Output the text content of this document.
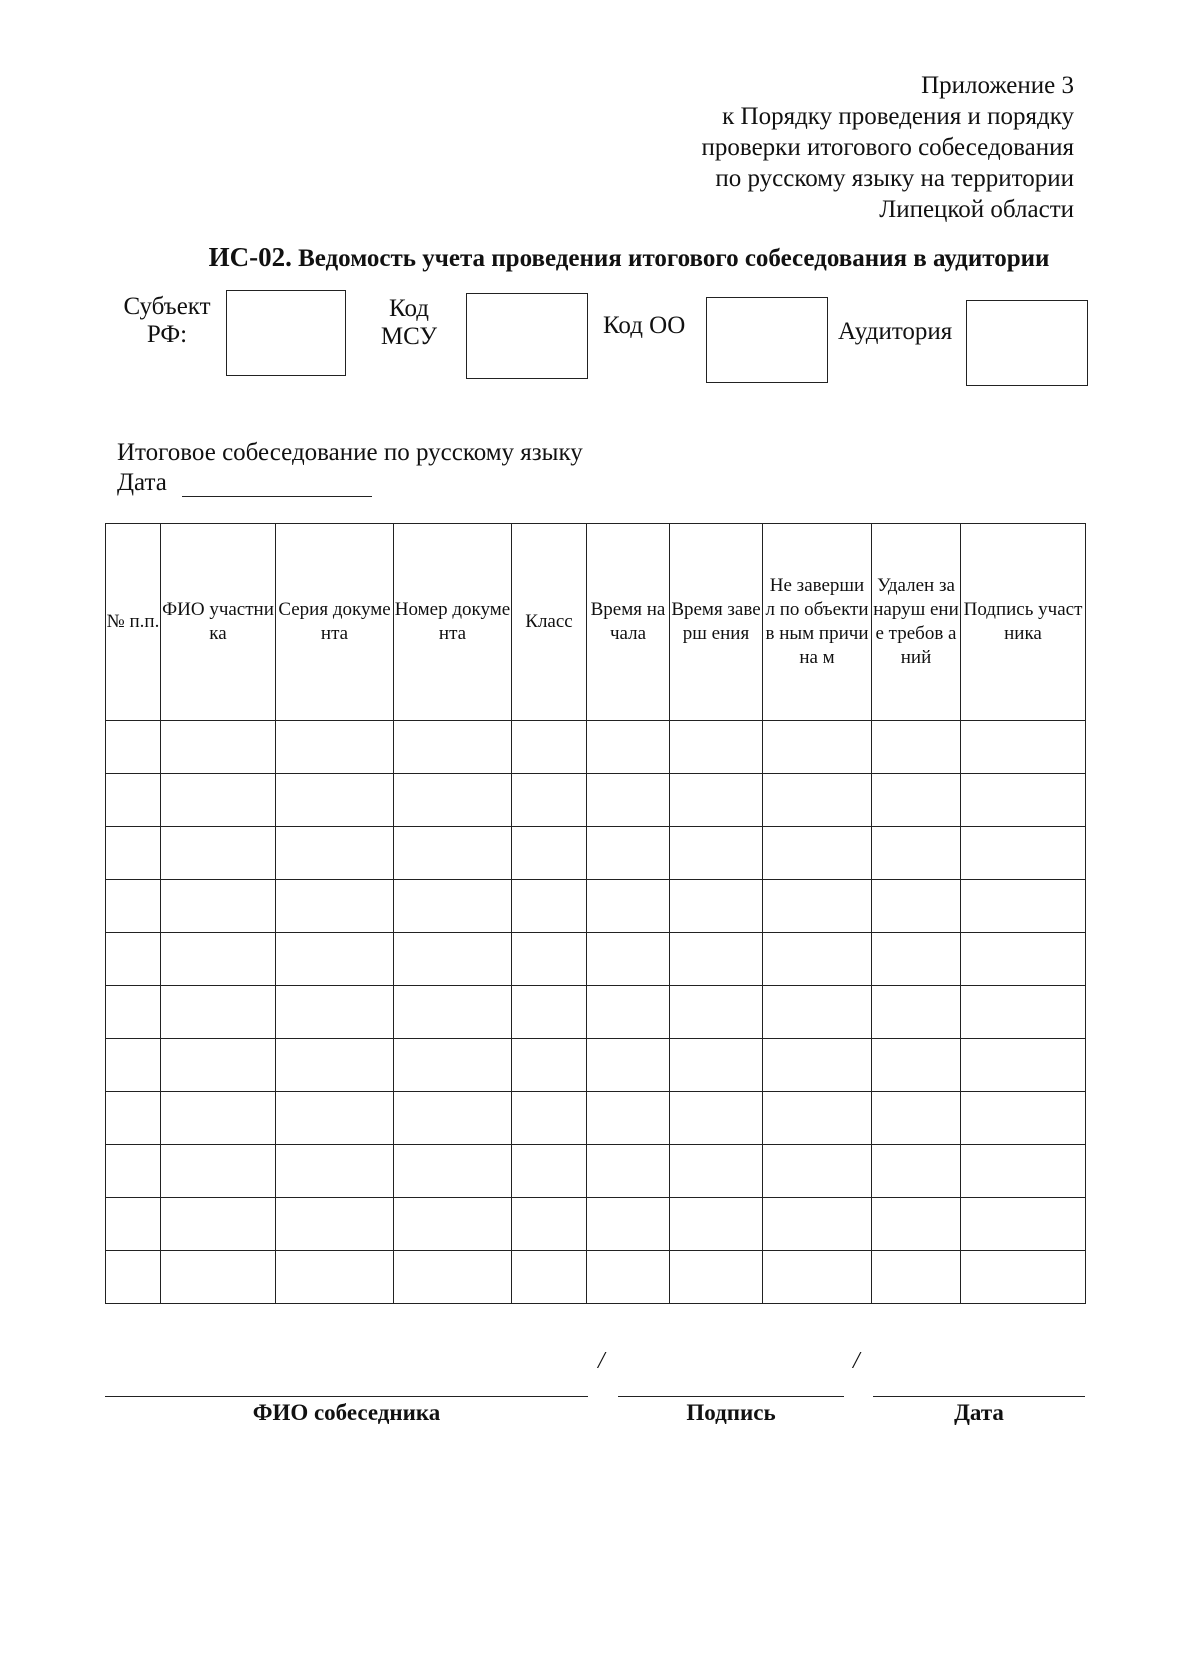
Приложение 3
к Порядку проведения и порядку
проверки итогового собеседования
по русскому языку на территории
Липецкой области
ИС-02. Ведомость учета проведения итогового собеседования в аудитории
Субъект
РФ:
Код
МСУ	Код ОО	Аудитория
Итоговое собеседование по русскому языку
Дата
№ п.п.	ФИО участника	Серия документа	Номер документа	Класс	Время начала	Время заверш ения	Не заверши л по объектив ным причина м	Удален за наруш ение требов аний	Подпись участника

/	/
ФИО собеседника	Подпись	Дата
